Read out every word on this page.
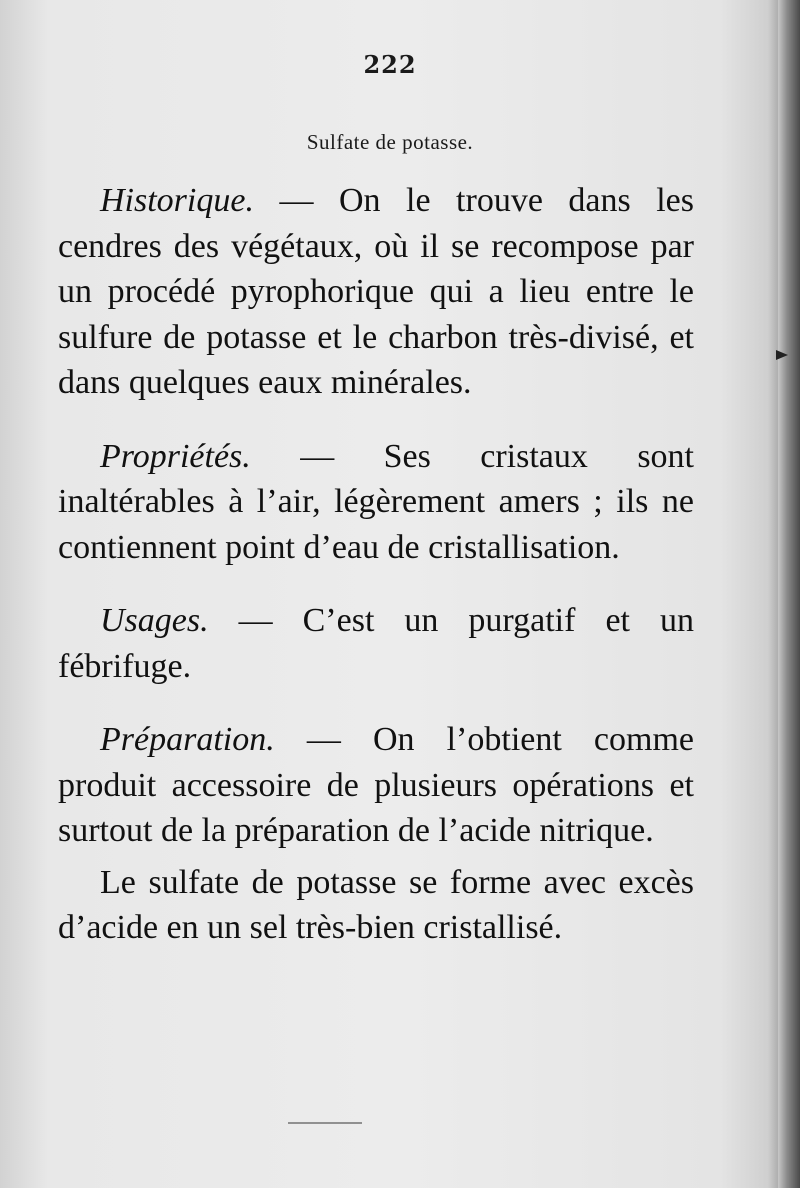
222
Sulfate de potasse.

Historique. — On le trouve dans les cendres des végétaux, où il se recompose par un procédé pyrophorique qui a lieu entre le sulfure de potasse et le charbon très-divisé, et dans quelques eaux minérales.

Propriétés. — Ses cristaux sont inaltérables à l’air, légèrement amers ; ils ne contiennent point d’eau de cristallisation.

Usages. — C’est un purgatif et un fébrifuge.

Préparation. — On l’obtient comme produit accessoire de plusieurs opérations et surtout de la préparation de l’acide nitrique.

Le sulfate de potasse se forme avec excès d’acide en un sel très-bien cristallisé.
